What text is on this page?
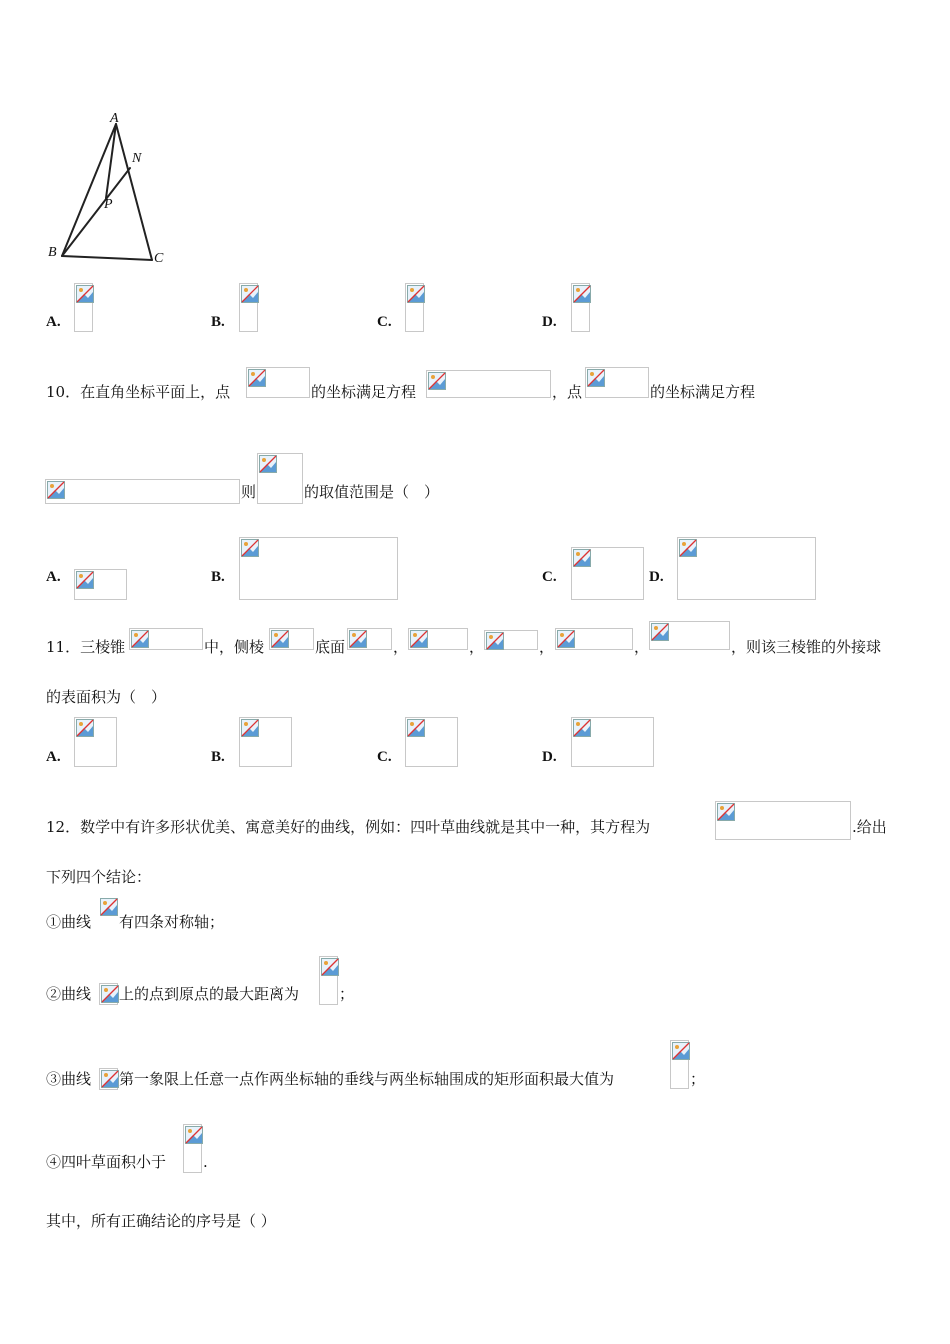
A
N
P
B	C
A.	B.	C.	D.
10．在直角坐标平面上，点	的坐标满足方程	，点	的坐标满足方程
则	的取值范围是（　）
A.	B.	C.	D.
11．三棱锥	中，侧棱	底面	，	，	，	，	，则该三棱锥的外接球
的表面积为（　）
A.	B.	C.	D.
12．数学中有许多形状优美、寓意美好的曲线，例如：四叶草曲线就是其中一种，其方程为	.给出
下列四个结论：
①曲线 有四条对称轴；
②曲线 上的点到原点的最大距离为	；
③曲线 第一象限上任意一点作两坐标轴的垂线与两坐标轴围成的矩形面积最大值为	；
④四叶草面积小于 .
其中，所有正确结论的序号是（ ）
